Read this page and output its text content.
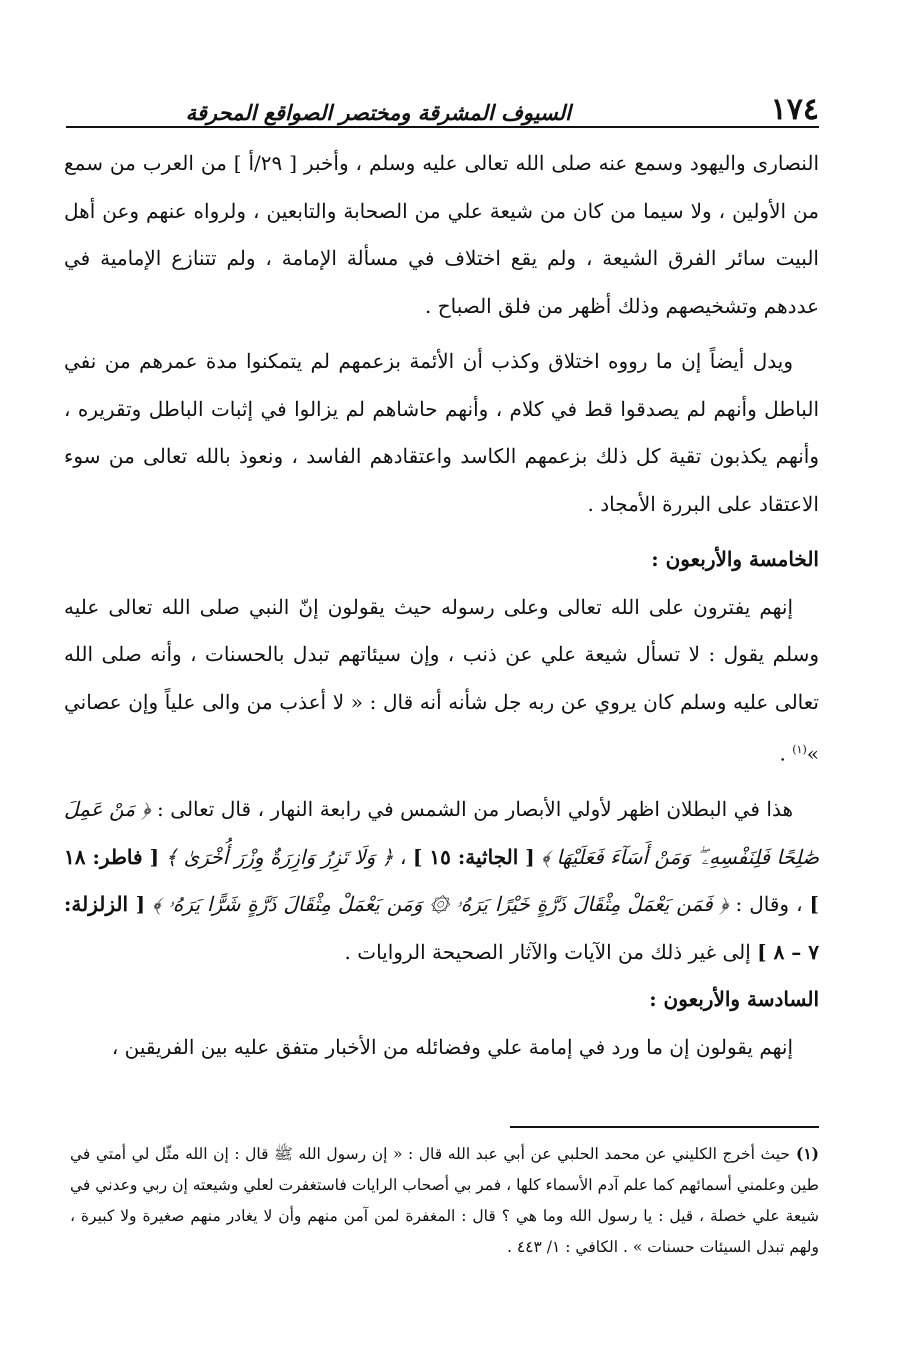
١٧٤
السيوف المشرقة ومختصر الصواقع المحرقة

النصارى واليهود وسمع عنه صلى الله تعالى عليه وسلم ، وأخبر [ ٢٩/أ ] من العرب من سمع من الأولين ، ولا سيما من كان من شيعة علي من الصحابة والتابعين ، ولرواه عنهم وعن أهل البيت سائر الفرق الشيعة ، ولم يقع اختلاف في مسألة الإمامة ، ولم تتنازع الإمامية في عددهم وتشخيصهم وذلك أظهر من فلق الصباح .

ويدل أيضاً إن ما رووه اختلاق وكذب أن الأئمة بزعمهم لم يتمكنوا مدة عمرهم من نفي الباطل وأنهم لم يصدقوا قط في كلام ، وأنهم حاشاهم لم يزالوا في إثبات الباطل وتقريره ، وأنهم يكذبون تقية كل ذلك بزعمهم الكاسد واعتقادهم الفاسد ، ونعوذ بالله تعالى من سوء الاعتقاد على البررة الأمجاد .

الخامسة والأربعون :

إنهم يفترون على الله تعالى وعلى رسوله حيث يقولون إنّ النبي صلى الله تعالى عليه وسلم يقول : لا تسأل شيعة علي عن ذنب ، وإن سيئاتهم تبدل بالحسنات ، وأنه صلى الله تعالى عليه وسلم كان يروي عن ربه جل شأنه أنه قال : « لا أعذب من والى علياً وإن عصاني »$^{(١)}$ .

هذا في البطلان اظهر لأولي الأبصار من الشمس في رابعة النهار ، قال تعالى : ﴿ مَنْ عَمِلَ صَٰلِحًا فَلِنَفْسِهِۦ ۖ وَمَنْ أَسَآءَ فَعَلَيْهَا ﴾ [ الجاثية: ١٥ ] ، ﴿ وَلَا تَزِرُ وَازِرَةٌ وِزْرَ أُخْرَىٰ ﴾ [ فاطر: ١٨ ] ، وقال : ﴿ فَمَن يَعْمَلْ مِثْقَالَ ذَرَّةٍ خَيْرًا يَرَهُۥ ۞ وَمَن يَعْمَلْ مِثْقَالَ ذَرَّةٍ شَرًّا يَرَهُۥ ﴾ [ الزلزلة: ٧ – ٨ ] إلى غير ذلك من الآيات والآثار الصحيحة الروايات .

السادسة والأربعون :

إنهم يقولون إن ما ورد في إمامة علي وفضائله من الأخبار متفق عليه بين الفريقين ،

(١)حيث أخرج الكليني عن محمد الحلبي عن أبي عبد الله قال : « إن رسول الله ﷺ قال : إن الله مثّل لي أمتي في طين وعلمني أسمائهم كما علم آدم الأسماء كلها ، فمر بي أصحاب الرايات فاستغفرت لعلي وشيعته إن ربي وعدني في شيعة علي خصلة ، قيل : يا رسول الله وما هي ؟ قال : المغفرة لمن آمن منهم وأن لا يغادر منهم صغيرة ولا كبيرة ، ولهم تبدل السيئات حسنات » . الكافي : ١/ ٤٤٣ .
